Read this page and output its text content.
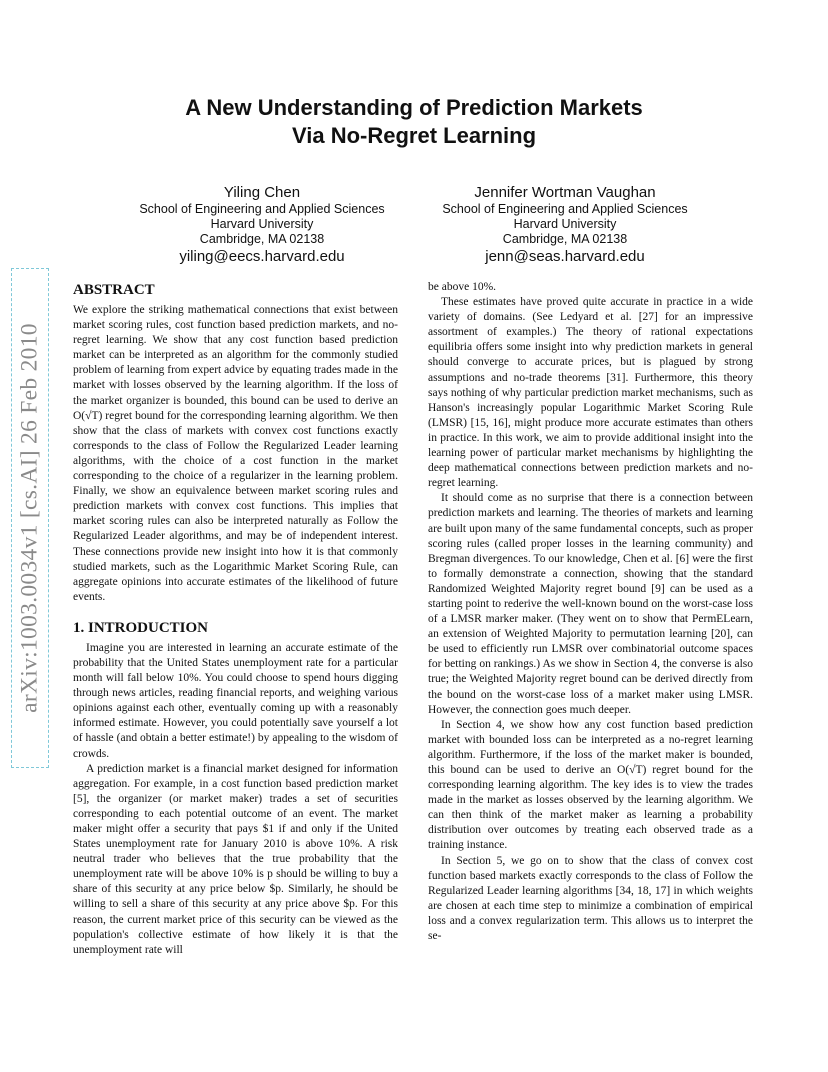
arXiv:1003.0034v1 [cs.AI] 26 Feb 2010
A New Understanding of Prediction Markets
Via No-Regret Learning
Yiling Chen
School of Engineering and Applied Sciences
Harvard University
Cambridge, MA 02138
yiling@eecs.harvard.edu
Jennifer Wortman Vaughan
School of Engineering and Applied Sciences
Harvard University
Cambridge, MA 02138
jenn@seas.harvard.edu
ABSTRACT

We explore the striking mathematical connections that exist between market scoring rules, cost function based prediction markets, and no-regret learning. We show that any cost function based prediction market can be interpreted as an algorithm for the commonly studied problem of learning from expert advice by equating trades made in the market with losses observed by the learning algorithm. If the loss of the market organizer is bounded, this bound can be used to derive an O(√T) regret bound for the corresponding learning algorithm. We then show that the class of markets with convex cost functions exactly corresponds to the class of Follow the Regularized Leader learning algorithms, with the choice of a cost function in the market corresponding to the choice of a regularizer in the learning problem. Finally, we show an equivalence between market scoring rules and prediction markets with convex cost functions. This implies that market scoring rules can also be interpreted naturally as Follow the Regularized Leader algorithms, and may be of independent interest. These connections provide new insight into how it is that commonly studied markets, such as the Logarithmic Market Scoring Rule, can aggregate opinions into accurate estimates of the likelihood of future events.

1. INTRODUCTION

Imagine you are interested in learning an accurate estimate of the probability that the United States unemployment rate for a particular month will fall below 10%. You could choose to spend hours digging through news articles, reading financial reports, and weighing various opinions against each other, eventually coming up with a reasonably informed estimate. However, you could potentially save yourself a lot of hassle (and obtain a better estimate!) by appealing to the wisdom of crowds.

A prediction market is a financial market designed for information aggregation. For example, in a cost function based prediction market [5], the organizer (or market maker) trades a set of securities corresponding to each potential outcome of an event. The market maker might offer a security that pays $1 if and only if the United States unemployment rate for January 2010 is above 10%. A risk neutral trader who believes that the true probability that the unemployment rate will be above 10% is p should be willing to buy a share of this security at any price below $p. Similarly, he should be willing to sell a share of this security at any price above $p. For this reason, the current market price of this security can be viewed as the population's collective estimate of how likely it is that the unemployment rate will

be above 10%.

These estimates have proved quite accurate in practice in a wide variety of domains. (See Ledyard et al. [27] for an impressive assortment of examples.) The theory of rational expectations equilibria offers some insight into why prediction markets in general should converge to accurate prices, but is plagued by strong assumptions and no-trade theorems [31]. Furthermore, this theory says nothing of why particular prediction market mechanisms, such as Hanson's increasingly popular Logarithmic Market Scoring Rule (LMSR) [15, 16], might produce more accurate estimates than others in practice. In this work, we aim to provide additional insight into the learning power of particular market mechanisms by highlighting the deep mathematical connections between prediction markets and no-regret learning.

It should come as no surprise that there is a connection between prediction markets and learning. The theories of markets and learning are built upon many of the same fundamental concepts, such as proper scoring rules (called proper losses in the learning community) and Bregman divergences. To our knowledge, Chen et al. [6] were the first to formally demonstrate a connection, showing that the standard Randomized Weighted Majority regret bound [9] can be used as a starting point to rederive the well-known bound on the worst-case loss of a LMSR marker maker. (They went on to show that PermELearn, an extension of Weighted Majority to permutation learning [20], can be used to efficiently run LMSR over combinatorial outcome spaces for betting on rankings.) As we show in Section 4, the converse is also true; the Weighted Majority regret bound can be derived directly from the bound on the worst-case loss of a market maker using LMSR. However, the connection goes much deeper.

In Section 4, we show how any cost function based prediction market with bounded loss can be interpreted as a no-regret learning algorithm. Furthermore, if the loss of the market maker is bounded, this bound can be used to derive an O(√T) regret bound for the corresponding learning algorithm. The key ides is to view the trades made in the market as losses observed by the learning algorithm. We can then think of the market maker as learning a probability distribution over outcomes by treating each observed trade as a training instance.

In Section 5, we go on to show that the class of convex cost function based markets exactly corresponds to the class of Follow the Regularized Leader learning algorithms [34, 18, 17] in which weights are chosen at each time step to minimize a combination of empirical loss and a convex regularization term. This allows us to interpret the se-
